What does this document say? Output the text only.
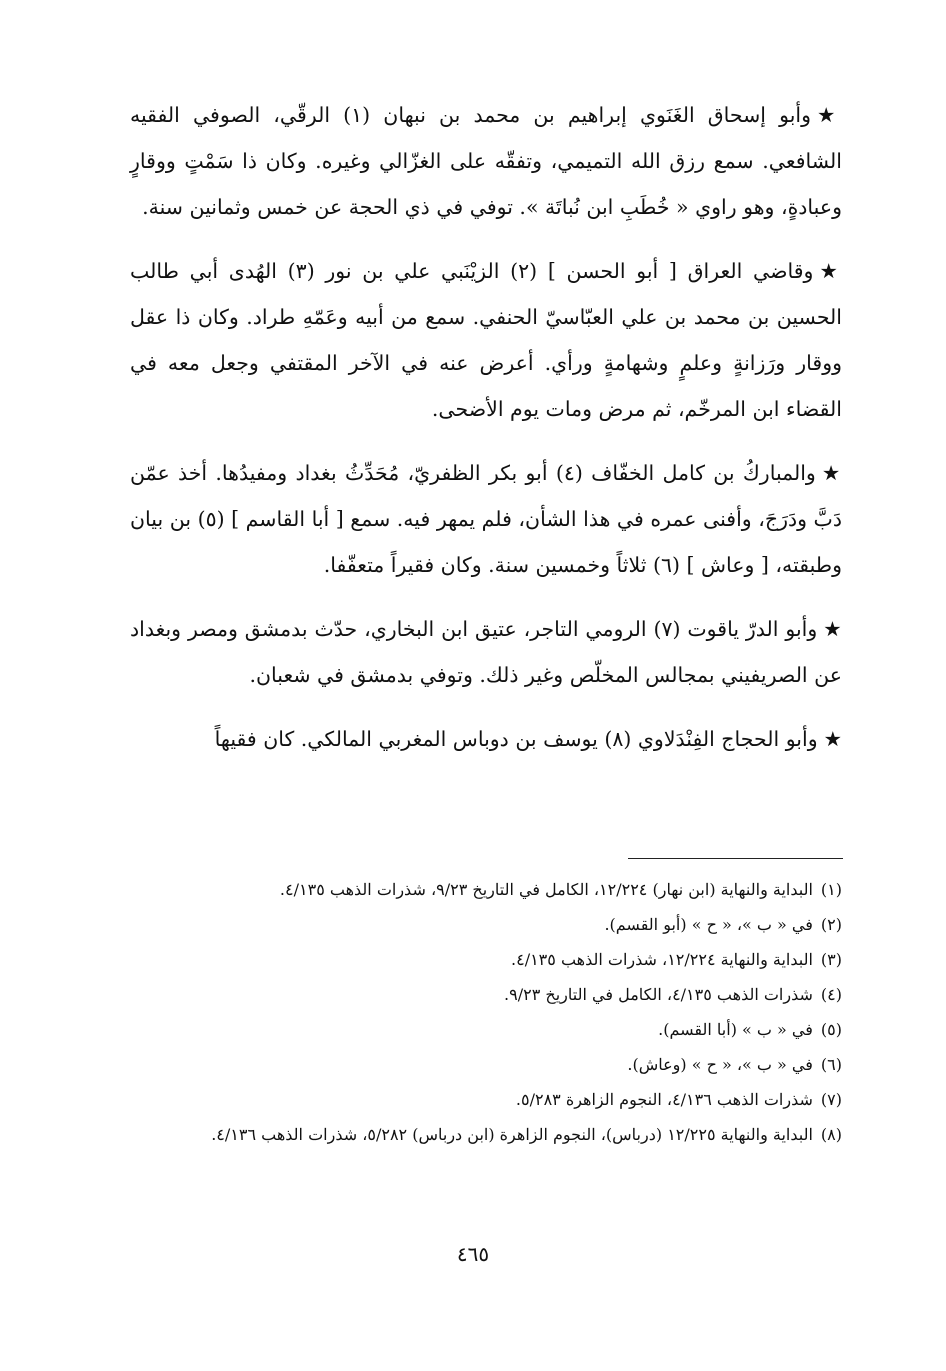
★وأبو إسحاق الغَنَوي إبراهيم بن محمد بن نبهان (١) الرقّي، الصوفي الفقيه الشافعي. سمع رزق الله التميمي، وتفقّه على الغزّالي وغيره. وكان ذا سَمْتٍ ووقارٍ وعبادةٍ، وهو راوي « خُطَبِ ابن نُباتَة ». توفي في ذي الحجة عن خمس وثمانين سنة.

★وقاضي العراق [ أبو الحسن ] (٢) الزيْنَبي علي بن نور (٣) الهُدى أبي طالب الحسين بن محمد بن علي العبّاسيّ الحنفي. سمع من أبيه وعَمّهِ طراد. وكان ذا عقل ووقار ورَزانةٍ وعلمٍ وشهامةٍ ورأي. أعرض عنه في الآخر المقتفي وجعل معه في القضاء ابن المرخّم، ثم مرض ومات يوم الأضحى.

★والمباركُ بن كامل الخفّاف (٤) أبو بكر الظفريّ، مُحَدِّثُ بغداد ومفيدُها. أخذ عمّن دَبَّ ودَرَجَ، وأفنى عمره في هذا الشأن، فلم يمهر فيه. سمع [ أبا القاسم ] (٥) بن بيان وطبقته، [ وعاش ] (٦) ثلاثاً وخمسين سنة. وكان فقيراً متعفّفا.

★وأبو الدرّ ياقوت (٧) الرومي التاجر، عتيق ابن البخاري، حدّث بدمشق ومصر وبغداد عن الصريفيني بمجالس المخلّص وغير ذلك. وتوفي بدمشق في شعبان.

★وأبو الحجاج الفِنْدَلاوي (٨) يوسف بن دوباس المغربي المالكي. كان فقيهاً

(١)البداية والنهاية (ابن نهار) ١٢/٢٢٤، الكامل في التاريخ ٩/٢٣، شذرات الذهب ٤/١٣٥.
(٢)في « ب »، « ح » (أبو القسم).
(٣)البداية والنهاية ١٢/٢٢٤، شذرات الذهب ٤/١٣٥.
(٤)شذرات الذهب ٤/١٣٥، الكامل في التاريخ ٩/٢٣.
(٥)في « ب » (أبا القسم).
(٦)في « ب »، « ح » (وعاش).
(٧)شذرات الذهب ٤/١٣٦، النجوم الزاهرة ٥/٢٨٣.
(٨)البداية والنهاية ١٢/٢٢٥ (درباس)، النجوم الزاهرة (ابن درباس) ٥/٢٨٢، شذرات الذهب ٤/١٣٦.
٤٦٥
